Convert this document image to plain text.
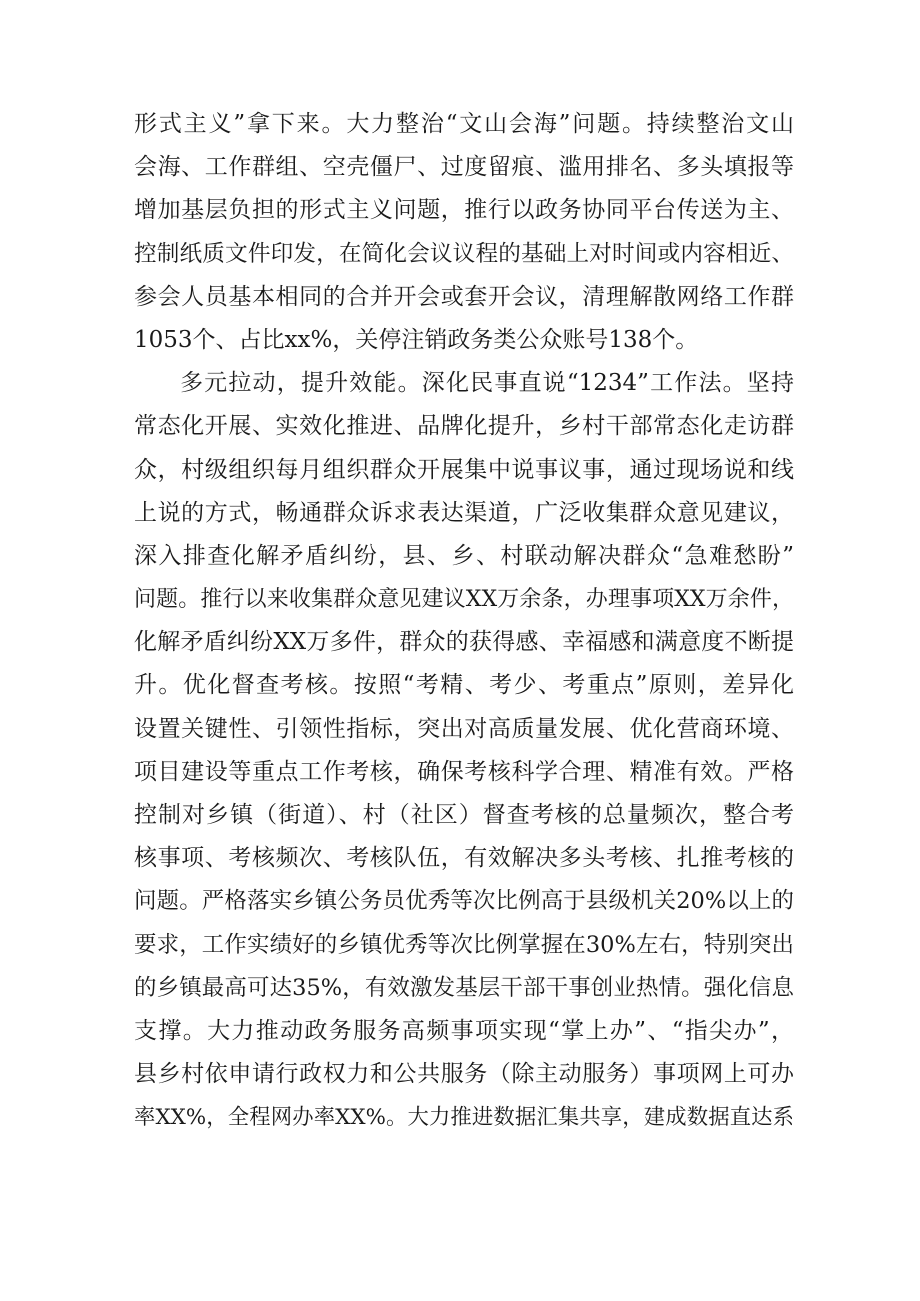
形式主义”拿下来。大力整治“文山会海”问题。持续整治文山
会海、工作群组、空壳僵尸、过度留痕、滥用排名、多头填报等
增加基层负担的形式主义问题，推行以政务协同平台传送为主、
控制纸质文件印发，在简化会议议程的基础上对时间或内容相近、
参会人员基本相同的合并开会或套开会议，清理解散网络工作群
1053个、占比xx%，关停注销政务类公众账号138个。
多元拉动，提升效能。深化民事直说“1234”工作法。坚持
常态化开展、实效化推进、品牌化提升，乡村干部常态化走访群
众，村级组织每月组织群众开展集中说事议事，通过现场说和线
上说的方式，畅通群众诉求表达渠道，广泛收集群众意见建议，
深入排查化解矛盾纠纷，县、乡、村联动解决群众“急难愁盼”
问题。推行以来收集群众意见建议XX万余条，办理事项XX万余件，
化解矛盾纠纷XX万多件，群众的获得感、幸福感和满意度不断提
升。优化督查考核。按照“考精、考少、考重点”原则，差异化
设置关键性、引领性指标，突出对高质量发展、优化营商环境、
项目建设等重点工作考核，确保考核科学合理、精准有效。严格
控制对乡镇（街道）、村（社区）督查考核的总量频次，整合考
核事项、考核频次、考核队伍，有效解决多头考核、扎推考核的
问题。严格落实乡镇公务员优秀等次比例高于县级机关20%以上的
要求，工作实绩好的乡镇优秀等次比例掌握在30%左右，特别突出
的乡镇最高可达35%，有效激发基层干部干事创业热情。强化信息
支撑。大力推动政务服务高频事项实现“掌上办”、“指尖办”，
县乡村依申请行政权力和公共服务（除主动服务）事项网上可办
率XX%，全程网办率XX%。大力推进数据汇集共享，建成数据直达系
